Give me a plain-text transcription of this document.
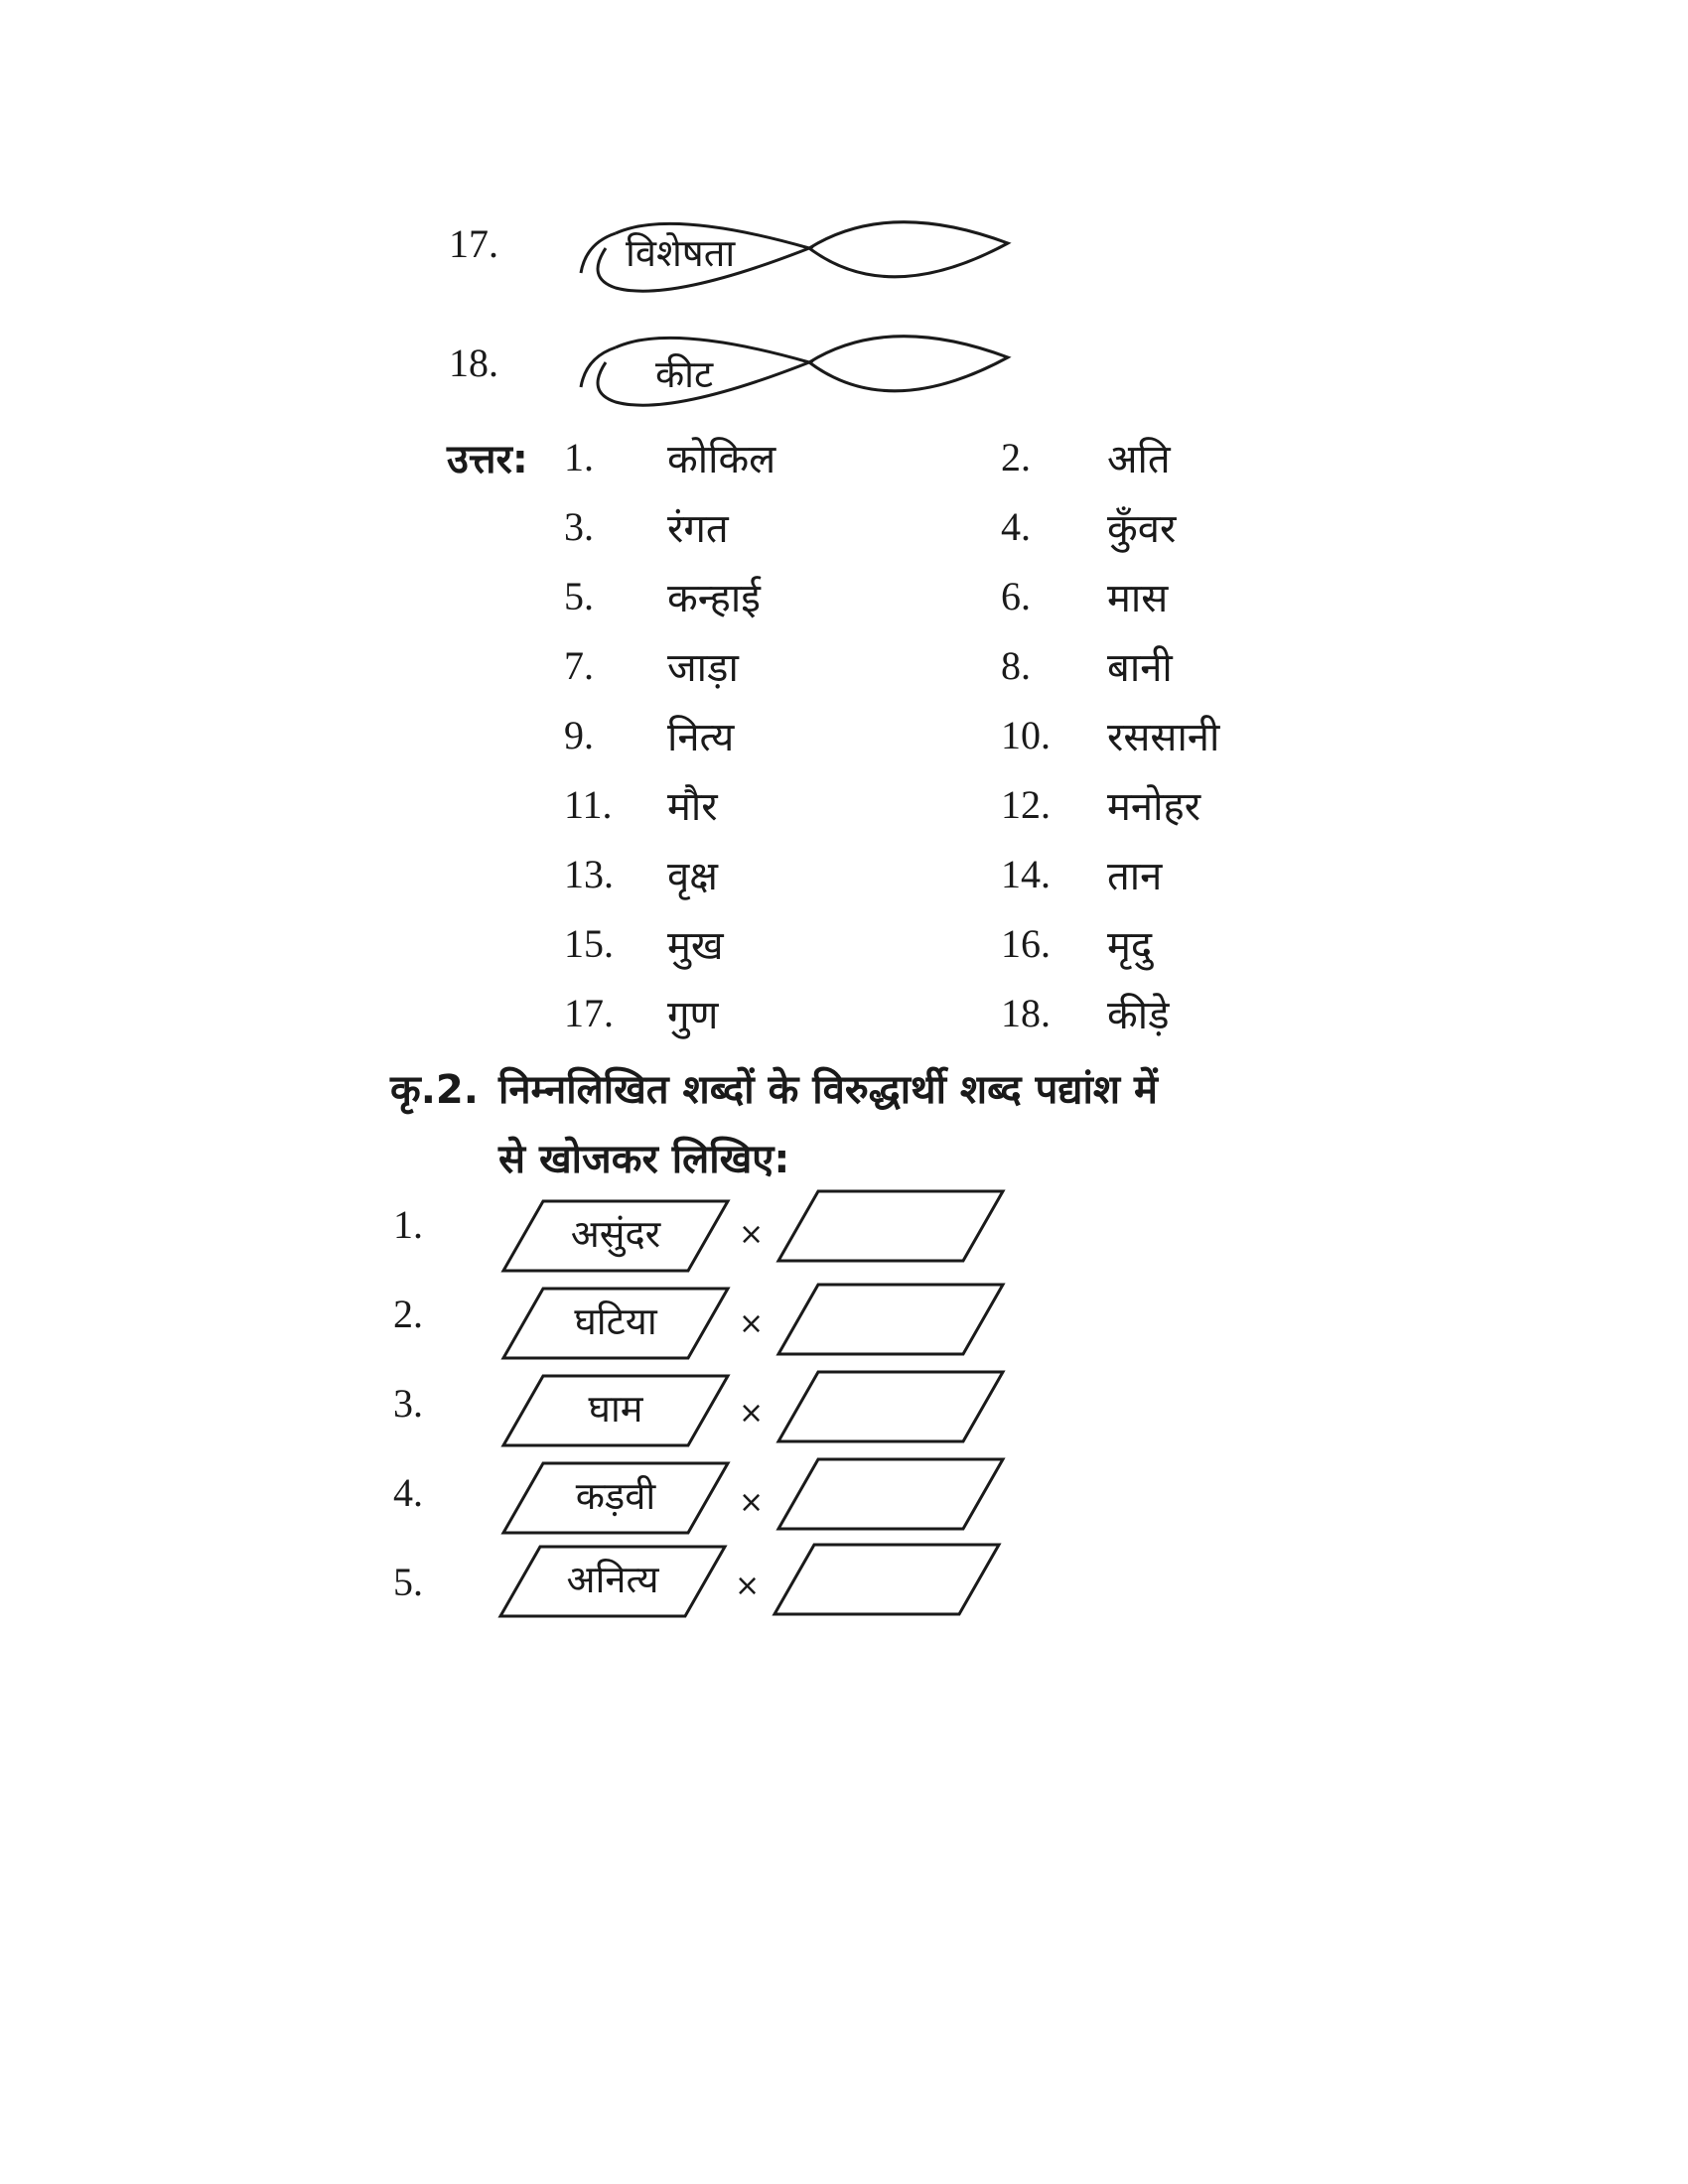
17.	विशेषता
18.	कीट
उत्तर: 1. कोकिल	2. अति
3. रंगत	4. कुँवर
5. कन्हाई	6. मास
7. जाड़ा	8. बानी
9. नित्य	10. रससानी
11. मौर	12. मनोहर
13. वृक्ष	14. तान
15. मुख	16. मृदु
17. गुण	18. कीड़े
कृ.2. निम्नलिखित शब्दों के विरुद्धार्थी शब्द पद्यांश में
से खोजकर लिखिए:
1.	असुंदर	×
2.	घटिया	×
3.	घाम	×
4.	कड़वी	×
5.	अनित्य	×
